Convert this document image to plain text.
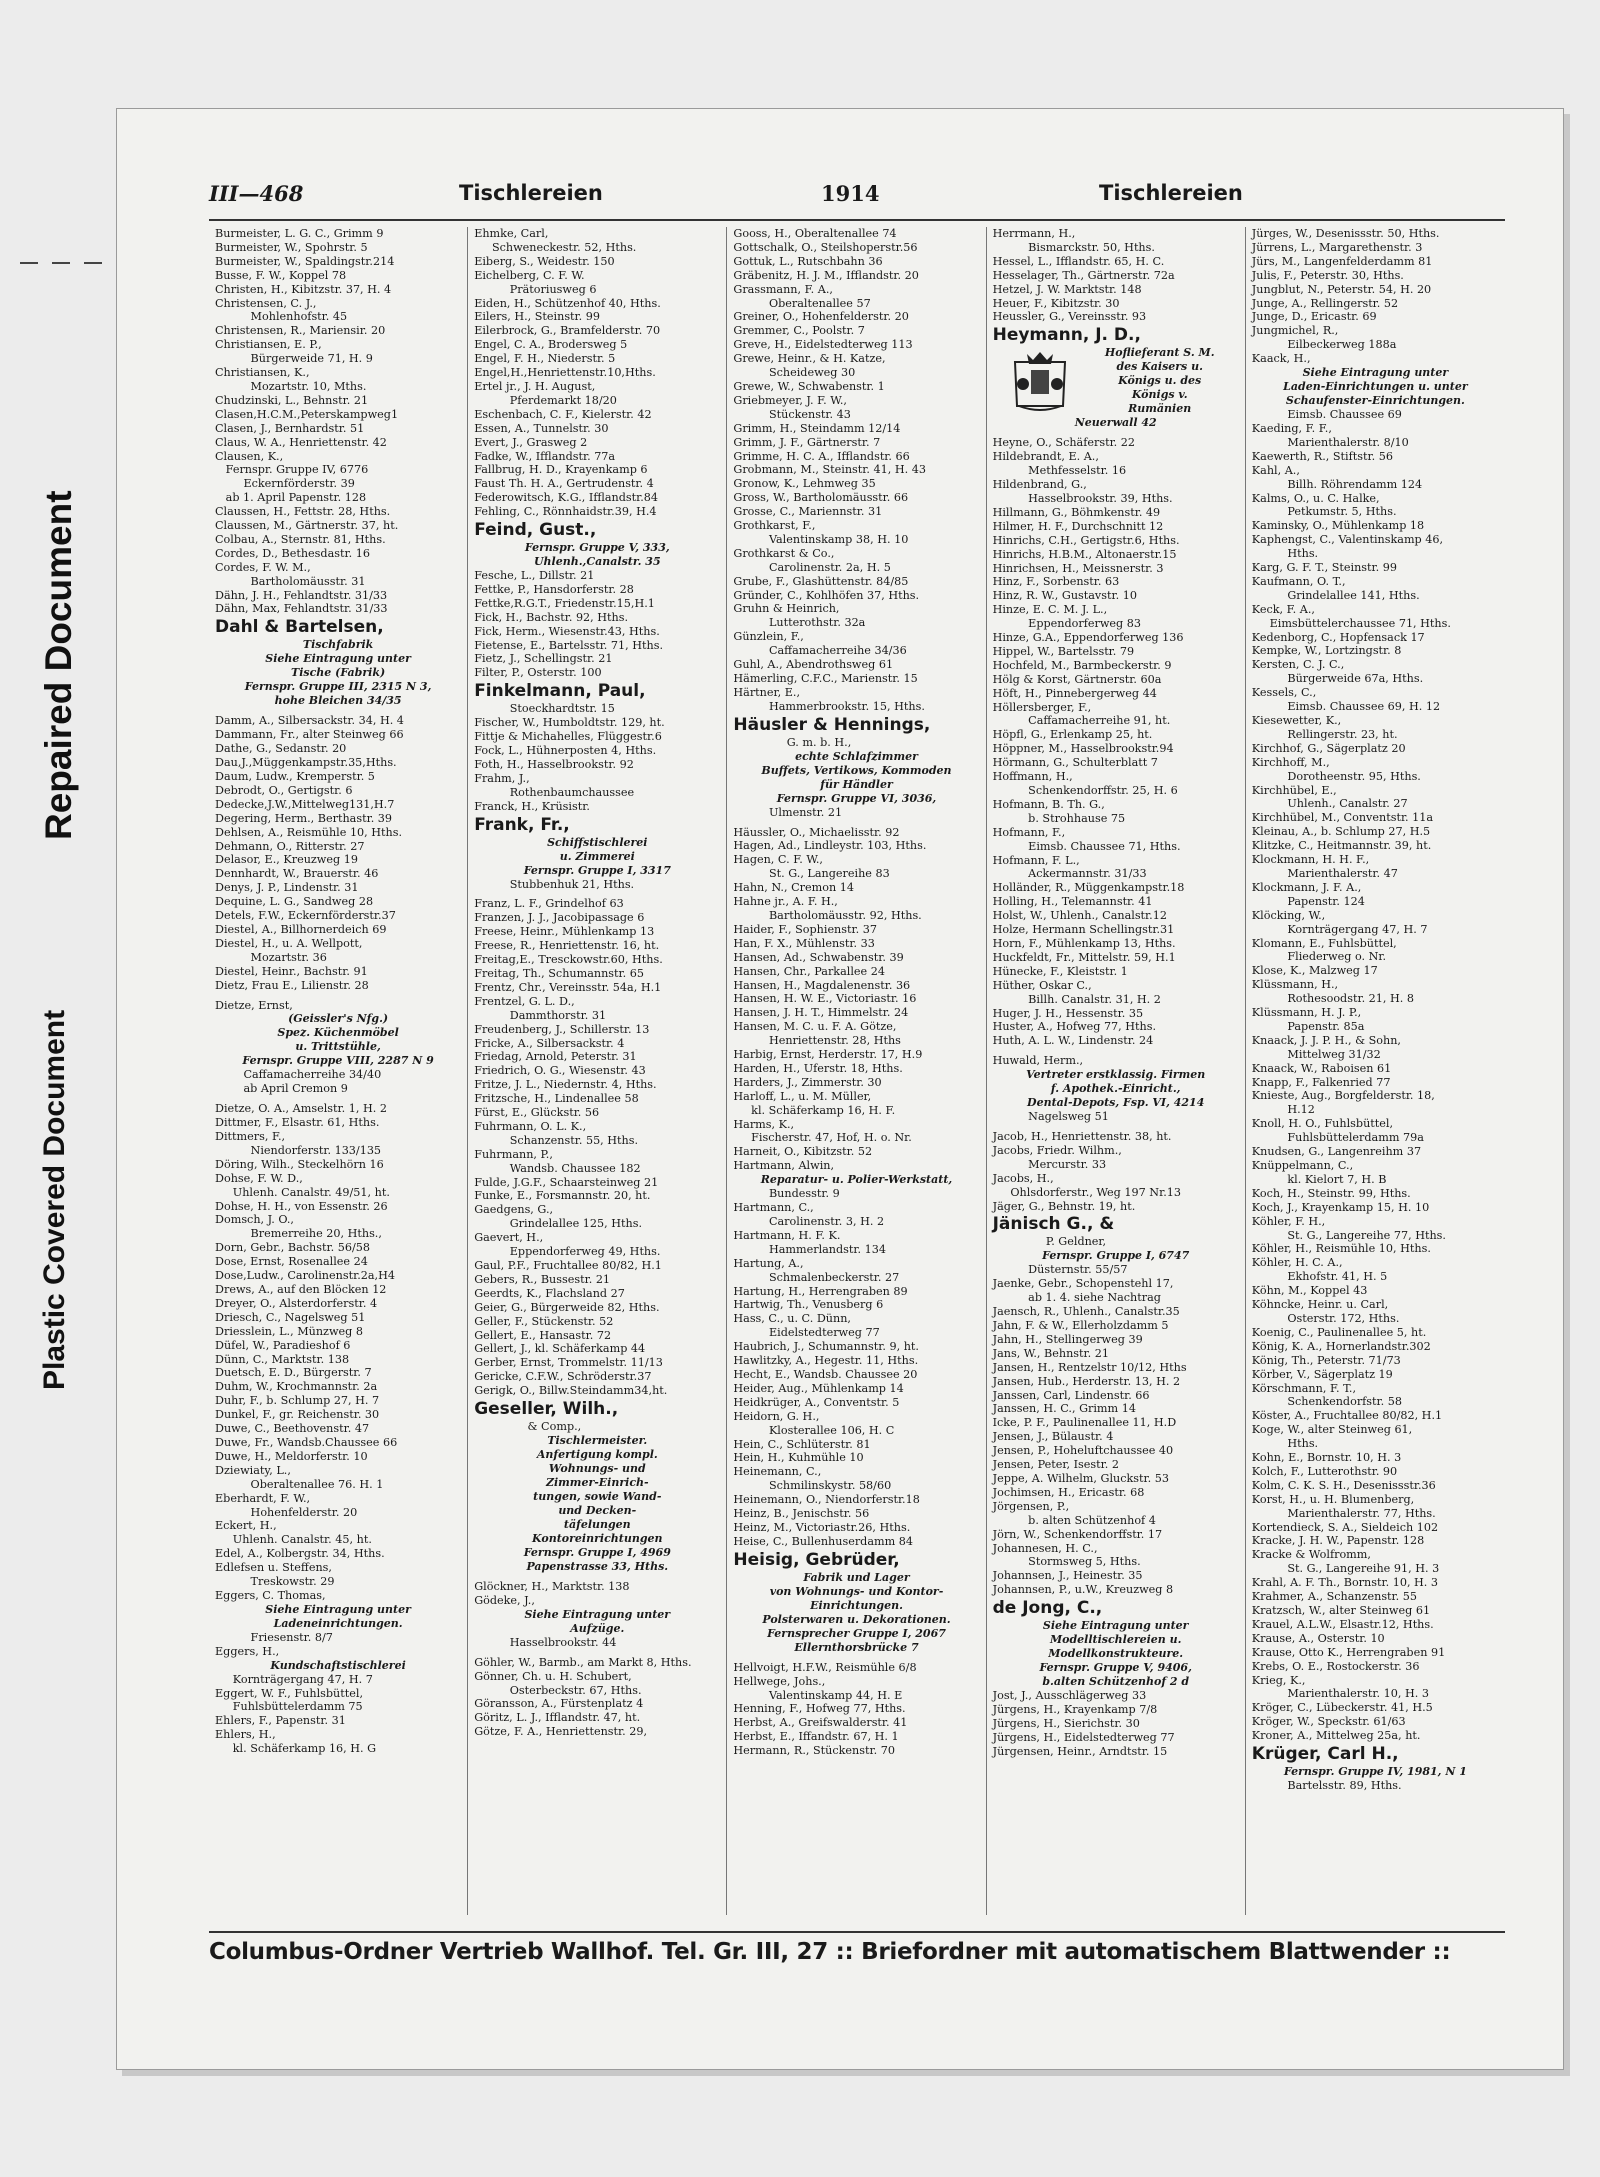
Repaired Document
Plastic Covered Document
III—468	Tischlereien	1914	Tischlereien
Burmeister, L. G. C., Grimm 9
Burmeister, W., Spohrstr. 5
Burmeister, W., Spaldingstr.214
Busse, F. W., Koppel 78
Christen, H., Kibitzstr. 37, H. 4
Christensen, C. J.,
Mohlenhofstr. 45
Christensen, R., Mariensir. 20
Christiansen, E. P.,
Bürgerweide 71, H. 9
Christiansen, K.,
Mozartstr. 10, Mths.
Chudzinski, L., Behnstr. 21
Clasen,H.C.M.,Peterskampweg1
Clasen, J., Bernhardstr. 51
Claus, W. A., Henriettenstr. 42
Clausen, K.,
Fernspr. Gruppe IV, 6776
Eckernförderstr. 39
ab 1. April Papenstr. 128
Claussen, H., Fettstr. 28, Hths.
Claussen, M., Gärtnerstr. 37, ht.
Colbau, A., Sternstr. 81, Hths.
Cordes, D., Bethesdastr. 16
Cordes, F. W. M.,
Bartholomäusstr. 31
Dähn, J. H., Fehlandtstr. 31/33
Dähn, Max, Fehlandtstr. 31/33
Dahl & Bartelsen,
Tischfabrik
Siehe Eintragung unter
Tische (Fabrik)
Fernspr. Gruppe III, 2315 N 3,
hohe Bleichen 34/35
Damm, A., Silbersackstr. 34, H. 4
Dammann, Fr., alter Steinweg 66
Dathe, G., Sedanstr. 20
Dau,J.,Müggenkampstr.35,Hths.
Daum, Ludw., Kremperstr. 5
Debrodt, O., Gertigstr. 6
Dedecke,J.W.,Mittelweg131,H.7
Degering, Herm., Berthastr. 39
Dehlsen, A., Reismühle 10, Hths.
Dehmann, O., Ritterstr. 27
Delasor, E., Kreuzweg 19
Dennhardt, W., Brauerstr. 46
Denys, J. P., Lindenstr. 31
Dequine, L. G., Sandweg 28
Detels, F.W., Eckernförderstr.37
Diestel, A., Billhornerdeich 69
Diestel, H., u. A. Wellpott,
Mozartstr. 36
Diestel, Heinr., Bachstr. 91
Dietz, Frau E., Lilienstr. 28
Dietze, Ernst,
(Geissler's Nfg.)
Spez. Küchenmöbel
u. Trittstühle,
Fernspr. Gruppe VIII, 2287 N 9
Caffamacherreihe 34/40
ab April Cremon 9
Dietze, O. A., Amselstr. 1, H. 2
Dittmer, F., Elsastr. 61, Hths.
Dittmers, F.,
Niendorferstr. 133/135
Döring, Wilh., Steckelhörn 16
Dohse, F. W. D.,
Uhlenh. Canalstr. 49/51, ht.
Dohse, H. H., von Essenstr. 26
Domsch, J. O.,
Bremerreihe 20, Hths.,
Dorn, Gebr., Bachstr. 56/58
Dose, Ernst, Rosenallee 24
Dose,Ludw., Carolinenstr.2a,H4
Drews, A., auf den Blöcken 12
Dreyer, O., Alsterdorferstr. 4
Driesch, C., Nagelsweg 51
Driesslein, L., Münzweg 8
Düfel, W., Paradieshof 6
Dünn, C., Marktstr. 138
Duetsch, E. D., Bürgerstr. 7
Duhm, W., Krochmannstr. 2a
Duhr, F., b. Schlump 27, H. 7
Dunkel, F., gr. Reichenstr. 30
Duwe, C., Beethovenstr. 47
Duwe, Fr., Wandsb.Chaussee 66
Duwe, H., Meldorferstr. 10
Dziewiaty, L.,
Oberaltenallee 76. H. 1
Eberhardt, F. W.,
Hohenfelderstr. 20
Eckert, H.,
Uhlenh. Canalstr. 45, ht.
Edel, A., Kolbergstr. 34, Hths.
Edlefsen u. Steffens,
Treskowstr. 29
Eggers, C. Thomas,
Siehe Eintragung unter
Ladeneinrichtungen.
Friesenstr. 8/7
Eggers, H.,
Kundschaftstischlerei
Kornträgergang 47, H. 7
Eggert, W. F., Fuhlsbüttel,
Fuhlsbüttelerdamm 75
Ehlers, F., Papenstr. 31
Ehlers, H.,
kl. Schäferkamp 16, H. G
Ehmke, Carl,
Schweneckestr. 52, Hths.
Eiberg, S., Weidestr. 150
Eichelberg, C. F. W.
Prätoriusweg 6
Eiden, H., Schützenhof 40, Hths.
Eilers, H., Steinstr. 99
Eilerbrock, G., Bramfelderstr. 70
Engel, C. A., Brodersweg 5
Engel, F. H., Niederstr. 5
Engel,H.,Henriettenstr.10,Hths.
Ertel jr., J. H. August,
Pferdemarkt 18/20
Eschenbach, C. F., Kielerstr. 42
Essen, A., Tunnelstr. 30
Evert, J., Grasweg 2
Fadke, W., Ifflandstr. 77a
Fallbrug, H. D., Krayenkamp 6
Faust Th. H. A., Gertrudenstr. 4
Federowitsch, K.G., Ifflandstr.84
Fehling, C., Rönnhaidstr.39, H.4
Feind, Gust.,
Fernspr. Gruppe V, 333,
Uhlenh.,Canalstr. 35
Fesche, L., Dillstr. 21
Fettke, P., Hansdorferstr. 28
Fettke,R.G.T., Friedenstr.15,H.1
Fick, H., Bachstr. 92, Hths.
Fick, Herm., Wiesenstr.43, Hths.
Fietense, E., Bartelsstr. 71, Hths.
Fietz, J., Schellingstr. 21
Filter, P., Osterstr. 100
Finkelmann, Paul,
Stoeckhardtstr. 15
Fischer, W., Humboldtstr. 129, ht.
Fittje & Michahelles, Flüggestr.6
Fock, L., Hühnerposten 4, Hths.
Foth, H., Hasselbrookstr. 92
Frahm, J.,
Rothenbaumchaussee
Franck, H., Krüsistr.
Frank, Fr.,
Schiffstischlerei
u. Zimmerei
Fernspr. Gruppe I, 3317
Stubbenhuk 21, Hths.
Franz, L. F., Grindelhof 63
Franzen, J. J., Jacobipassage 6
Freese, Heinr., Mühlenkamp 13
Freese, R., Henriettenstr. 16, ht.
Freitag,E., Tresckowstr.60, Hths.
Freitag, Th., Schumannstr. 65
Frentz, Chr., Vereinsstr. 54a, H.1
Frentzel, G. L. D.,
Dammthorstr. 31
Freudenberg, J., Schillerstr. 13
Fricke, A., Silbersackstr. 4
Friedag, Arnold, Peterstr. 31
Friedrich, O. G., Wiesenstr. 43
Fritze, J. L., Niedernstr. 4, Hths.
Fritzsche, H., Lindenallee 58
Fürst, E., Glückstr. 56
Fuhrmann, O. L. K.,
Schanzenstr. 55, Hths.
Fuhrmann, P.,
Wandsb. Chaussee 182
Fulde, J.G.F., Schaarsteinweg 21
Funke, E., Forsmannstr. 20, ht.
Gaedgens, G.,
Grindelallee 125, Hths.
Gaevert, H.,
Eppendorferweg 49, Hths.
Gaul, P.F., Fruchtallee 80/82, H.1
Gebers, R., Bussestr. 21
Geerdts, K., Flachsland 27
Geier, G., Bürgerweide 82, Hths.
Geller, F., Stückenstr. 52
Gellert, E., Hansastr. 72
Gellert, J., kl. Schäferkamp 44
Gerber, Ernst, Trommelstr. 11/13
Gericke, C.F.W., Schröderstr.37
Gerigk, O., Billw.Steindamm34,ht.
Geseller, Wilh.,
& Comp.,
Tischlermeister.
Anfertigung kompl.
Wohnungs- und
Zimmer-Einrich-
tungen, sowie Wand-
und Decken-
täfelungen
Kontoreinrichtungen
Fernspr. Gruppe I, 4969
Papenstrasse 33, Hths.
Glöckner, H., Marktstr. 138
Gödeke, J.,
Siehe Eintragung unter
Aufzüge.
Hasselbrookstr. 44
Göhler, W., Barmb., am Markt 8, Hths.
Gönner, Ch. u. H. Schubert,
Osterbeckstr. 67, Hths.
Göransson, A., Fürstenplatz 4
Göritz, L. J., Ifflandstr. 47, ht.
Götze, F. A., Henriettenstr. 29,
Gooss, H., Oberaltenallee 74
Gottschalk, O., Steilshoperstr.56
Gottuk, L., Rutschbahn 36
Gräbenitz, H. J. M., Ifflandstr. 20
Grassmann, F. A.,
Oberaltenallee 57
Greiner, O., Hohenfelderstr. 20
Gremmer, C., Poolstr. 7
Greve, H., Eidelstedterweg 113
Grewe, Heinr., & H. Katze,
Scheideweg 30
Grewe, W., Schwabenstr. 1
Griebmeyer, J. F. W.,
Stückenstr. 43
Grimm, H., Steindamm 12/14
Grimm, J. F., Gärtnerstr. 7
Grimme, H. C. A., Ifflandstr. 66
Grobmann, M., Steinstr. 41, H. 43
Gronow, K., Lehmweg 35
Gross, W., Bartholomäusstr. 66
Grosse, C., Mariennstr. 31
Grothkarst, F.,
Valentinskamp 38, H. 10
Grothkarst & Co.,
Carolinenstr. 2a, H. 5
Grube, F., Glashüttenstr. 84/85
Gründer, C., Kohlhöfen 37, Hths.
Gruhn & Heinrich,
Lutterothstr. 32a
Günzlein, F.,
Caffamacherreihe 34/36
Guhl, A., Abendrothsweg 61
Hämerling, C.F.C., Marienstr. 15
Härtner, E.,
Hammerbrookstr. 15, Hths.
Häusler & Hennings,
G. m. b. H.,
echte Schlafzimmer
Buffets, Vertikows, Kommoden
für Händler
Fernspr. Gruppe VI, 3036,
Ulmenstr. 21
Häussler, O., Michaelisstr. 92
Hagen, Ad., Lindleystr. 103, Hths.
Hagen, C. F. W.,
St. G., Langereihe 83
Hahn, N., Cremon 14
Hahne jr., A. F. H.,
Bartholomäusstr. 92, Hths.
Haider, F., Sophienstr. 37
Han, F. X., Mühlenstr. 33
Hansen, Ad., Schwabenstr. 39
Hansen, Chr., Parkallee 24
Hansen, H., Magdalenenstr. 36
Hansen, H. W. E., Victoriastr. 16
Hansen, J. H. T., Himmelstr. 24
Hansen, M. C. u. F. A. Götze,
Henriettenstr. 28, Hths
Harbig, Ernst, Herderstr. 17, H.9
Harden, H., Uferstr. 18, Hths.
Harders, J., Zimmerstr. 30
Harloff, L., u. M. Müller,
kl. Schäferkamp 16, H. F.
Harms, K.,
Fischerstr. 47, Hof, H. o. Nr.
Harneit, O., Kibitzstr. 52
Hartmann, Alwin,
Reparatur- u. Polier-Werkstatt,
Bundesstr. 9
Hartmann, C.,
Carolinenstr. 3, H. 2
Hartmann, H. F. K.
Hammerlandstr. 134
Hartung, A.,
Schmalenbeckerstr. 27
Hartung, H., Herrengraben 89
Hartwig, Th., Venusberg 6
Hass, C., u. C. Dünn,
Eidelstedterweg 77
Haubrich, J., Schumannstr. 9, ht.
Hawlitzky, A., Hegestr. 11, Hths.
Hecht, E., Wandsb. Chaussee 20
Heider, Aug., Mühlenkamp 14
Heidkrüger, A., Conventstr. 5
Heidorn, G. H.,
Klosterallee 106, H. C
Hein, C., Schlüterstr. 81
Hein, H., Kuhmühle 10
Heinemann, C.,
Schmilinskystr. 58/60
Heinemann, O., Niendorferstr.18
Heinz, B., Jenischstr. 56
Heinz, M., Victoriastr.26, Hths.
Heise, C., Bullenhuserdamm 84
Heisig, Gebrüder,
Fabrik und Lager
von Wohnungs- und Kontor-
Einrichtungen.
Polsterwaren u. Dekorationen.
Fernsprecher Gruppe I, 2067
Ellernthorsbrücke 7
Hellvoigt, H.F.W., Reismühle 6/8
Hellwege, Johs.,
Valentinskamp 44, H. E
Henning, F., Hofweg 77, Hths.
Herbst, A., Greifswalderstr. 41
Herbst, E., Iffandstr. 67, H. 1
Hermann, R., Stückenstr. 70
Herrmann, H.,
Bismarckstr. 50, Hths.
Hessel, L., Ifflandstr. 65, H. C.
Hesselager, Th., Gärtnerstr. 72a
Hetzel, J. W. Marktstr. 148
Heuer, F., Kibitzstr. 30
Heussler, G., Vereinsstr. 93
Heymann, J. D.,
Hoflieferant S. M.
des Kaisers u.
Königs u. des
Königs v.
Rumänien
Neuerwall 42
Heyne, O., Schäferstr. 22
Hildebrandt, E. A.,
Methfesselstr. 16
Hildenbrand, G.,
Hasselbrookstr. 39, Hths.
Hillmann, G., Böhmkenstr. 49
Hilmer, H. F., Durchschnitt 12
Hinrichs, C.H., Gertigstr.6, Hths.
Hinrichs, H.B.M., Altonaerstr.15
Hinrichsen, H., Meissnerstr. 3
Hinz, F., Sorbenstr. 63
Hinz, R. W., Gustavstr. 10
Hinze, E. C. M. J. L.,
Eppendorferweg 83
Hinze, G.A., Eppendorferweg 136
Hippel, W., Bartelsstr. 79
Hochfeld, M., Barmbeckerstr. 9
Hölg & Korst, Gärtnerstr. 60a
Höft, H., Pinnebergerweg 44
Höllersberger, F.,
Caffamacherreihe 91, ht.
Höpfl, G., Erlenkamp 25, ht.
Höppner, M., Hasselbrookstr.94
Hörmann, G., Schulterblatt 7
Hoffmann, H.,
Schenkendorffstr. 25, H. 6
Hofmann, B. Th. G.,
b. Strohhause 75
Hofmann, F.,
Eimsb. Chaussee 71, Hths.
Hofmann, F. L.,
Ackermannstr. 31/33
Holländer, R., Müggenkampstr.18
Holling, H., Telemannstr. 41
Holst, W., Uhlenh., Canalstr.12
Holze, Hermann Schellingstr.31
Horn, F., Mühlenkamp 13, Hths.
Huckfeldt, Fr., Mittelstr. 59, H.1
Hünecke, F., Kleiststr. 1
Hüther, Oskar C.,
Billh. Canalstr. 31, H. 2
Huger, J. H., Hessenstr. 35
Huster, A., Hofweg 77, Hths.
Huth, A. L. W., Lindenstr. 24
Huwald, Herm.,
Vertreter erstklassig. Firmen
f. Apothek.-Einricht.,
Dental-Depots, Fsp. VI, 4214
Nagelsweg 51
Jacob, H., Henriettenstr. 38, ht.
Jacobs, Friedr. Wilhm.,
Mercurstr. 33
Jacobs, H.,
Ohlsdorferstr., Weg 197 Nr.13
Jäger, G., Behnstr. 19, ht.
Jänisch G., &
P. Geldner,
Fernspr. Gruppe I, 6747
Düsternstr. 55/57
Jaenke, Gebr., Schopenstehl 17,
ab 1. 4. siehe Nachtrag
Jaensch, R., Uhlenh., Canalstr.35
Jahn, F. & W., Ellerholzdamm 5
Jahn, H., Stellingerweg 39
Jans, W., Behnstr. 21
Jansen, H., Rentzelstr 10/12, Hths
Jansen, Hub., Herderstr. 13, H. 2
Janssen, Carl, Lindenstr. 66
Janssen, H. C., Grimm 14
Icke, P. F., Paulinenallee 11, H.D
Jensen, J., Bülaustr. 4
Jensen, P., Hoheluftchaussee 40
Jensen, Peter, Isestr. 2
Jeppe, A. Wilhelm, Gluckstr. 53
Jochimsen, H., Ericastr. 68
Jörgensen, P.,
b. alten Schützenhof 4
Jörn, W., Schenkendorffstr. 17
Johannesen, H. C.,
Stormsweg 5, Hths.
Johannsen, J., Heinestr. 35
Johannsen, P., u.W., Kreuzweg 8
de Jong, C.,
Siehe Eintragung unter
Modelltischlereien u.
Modellkonstrukteure.
Fernspr. Gruppe V, 9406,
b.alten Schützenhof 2 d
Jost, J., Ausschlägerweg 33
Jürgens, H., Krayenkamp 7/8
Jürgens, H., Sierichstr. 30
Jürgens, H., Eidelstedterweg 77
Jürgensen, Heinr., Arndtstr. 15
Jürges, W., Desenissstr. 50, Hths.
Jürrens, L., Margarethenstr. 3
Jürs, M., Langenfelderdamm 81
Julis, F., Peterstr. 30, Hths.
Jungblut, N., Peterstr. 54, H. 20
Junge, A., Rellingerstr. 52
Junge, D., Ericastr. 69
Jungmichel, R.,
Eilbeckerweg 188a
Kaack, H.,
Siehe Eintragung unter
Laden-Einrichtungen u. unter
Schaufenster-Einrichtungen.
Eimsb. Chaussee 69
Kaeding, F. F.,
Marienthalerstr. 8/10
Kaewerth, R., Stiftstr. 56
Kahl, A.,
Billh. Röhrendamm 124
Kalms, O., u. C. Halke,
Petkumstr. 5, Hths.
Kaminsky, O., Mühlenkamp 18
Kaphengst, C., Valentinskamp 46,
Hths.
Karg, G. F. T., Steinstr. 99
Kaufmann, O. T.,
Grindelallee 141, Hths.
Keck, F. A.,
Eimsbüttelerchaussee 71, Hths.
Kedenborg, C., Hopfensack 17
Kempke, W., Lortzingstr. 8
Kersten, C. J. C.,
Bürgerweide 67a, Hths.
Kessels, C.,
Eimsb. Chaussee 69, H. 12
Kiesewetter, K.,
Rellingerstr. 23, ht.
Kirchhof, G., Sägerplatz 20
Kirchhoff, M.,
Dorotheenstr. 95, Hths.
Kirchhübel, E.,
Uhlenh., Canalstr. 27
Kirchhübel, M., Conventstr. 11a
Kleinau, A., b. Schlump 27, H.5
Klitzke, C., Heitmannstr. 39, ht.
Klockmann, H. H. F.,
Marienthalerstr. 47
Klockmann, J. F. A.,
Papenstr. 124
Klöcking, W.,
Kornträgergang 47, H. 7
Klomann, E., Fuhlsbüttel,
Fliederweg o. Nr.
Klose, K., Malzweg 17
Klüssmann, H.,
Rothesoodstr. 21, H. 8
Klüssmann, H. J. P.,
Papenstr. 85a
Knaack, J. J. P. H., & Sohn,
Mittelweg 31/32
Knaack, W., Raboisen 61
Knapp, F., Falkenried 77
Knieste, Aug., Borgfelderstr. 18,
H.12
Knoll, H. O., Fuhlsbüttel,
Fuhlsbüttelerdamm 79a
Knudsen, G., Langenreihm 37
Knüppelmann, C.,
kl. Kielort 7, H. B
Koch, H., Steinstr. 99, Hths.
Koch, J., Krayenkamp 15, H. 10
Köhler, F. H.,
St. G., Langereihe 77, Hths.
Köhler, H., Reismühle 10, Hths.
Köhler, H. C. A.,
Ekhofstr. 41, H. 5
Köhn, M., Koppel 43
Köhncke, Heinr. u. Carl,
Osterstr. 172, Hths.
Koenig, C., Paulinenallee 5, ht.
König, K. A., Hornerlandstr.302
König, Th., Peterstr. 71/73
Körber, V., Sägerplatz 19
Körschmann, F. T.,
Schenkendorfstr. 58
Köster, A., Fruchtallee 80/82, H.1
Koge, W., alter Steinweg 61,
Hths.
Kohn, E., Bornstr. 10, H. 3
Kolch, F., Lutterothstr. 90
Kolm, C. K. S. H., Desenissstr.36
Korst, H., u. H. Blumenberg,
Marienthalerstr. 77, Hths.
Kortendieck, S. A., Sieldeich 102
Kracke, J. H. W., Papenstr. 128
Kracke & Wolfromm,
St. G., Langereihe 91, H. 3
Krahl, A. F. Th., Bornstr. 10, H. 3
Krahmer, A., Schanzenstr. 55
Kratzsch, W., alter Steinweg 61
Krauel, A.L.W., Elsastr.12, Hths.
Krause, A., Osterstr. 10
Krause, Otto K., Herrengraben 91
Krebs, O. E., Rostockerstr. 36
Krieg, K.,
Marienthalerstr. 10, H. 3
Kröger, C., Lübeckerstr. 41, H.5
Kröger, W., Speckstr. 61/63
Kroner, A., Mittelweg 25a, ht.
Krüger, Carl H.,
Fernspr. Gruppe IV, 1981, N 1
Bartelsstr. 89, Hths.
Columbus-Ordner Vertrieb Wallhof. Tel. Gr. III, 27 :: Briefordner mit automatischem Blattwender ::
